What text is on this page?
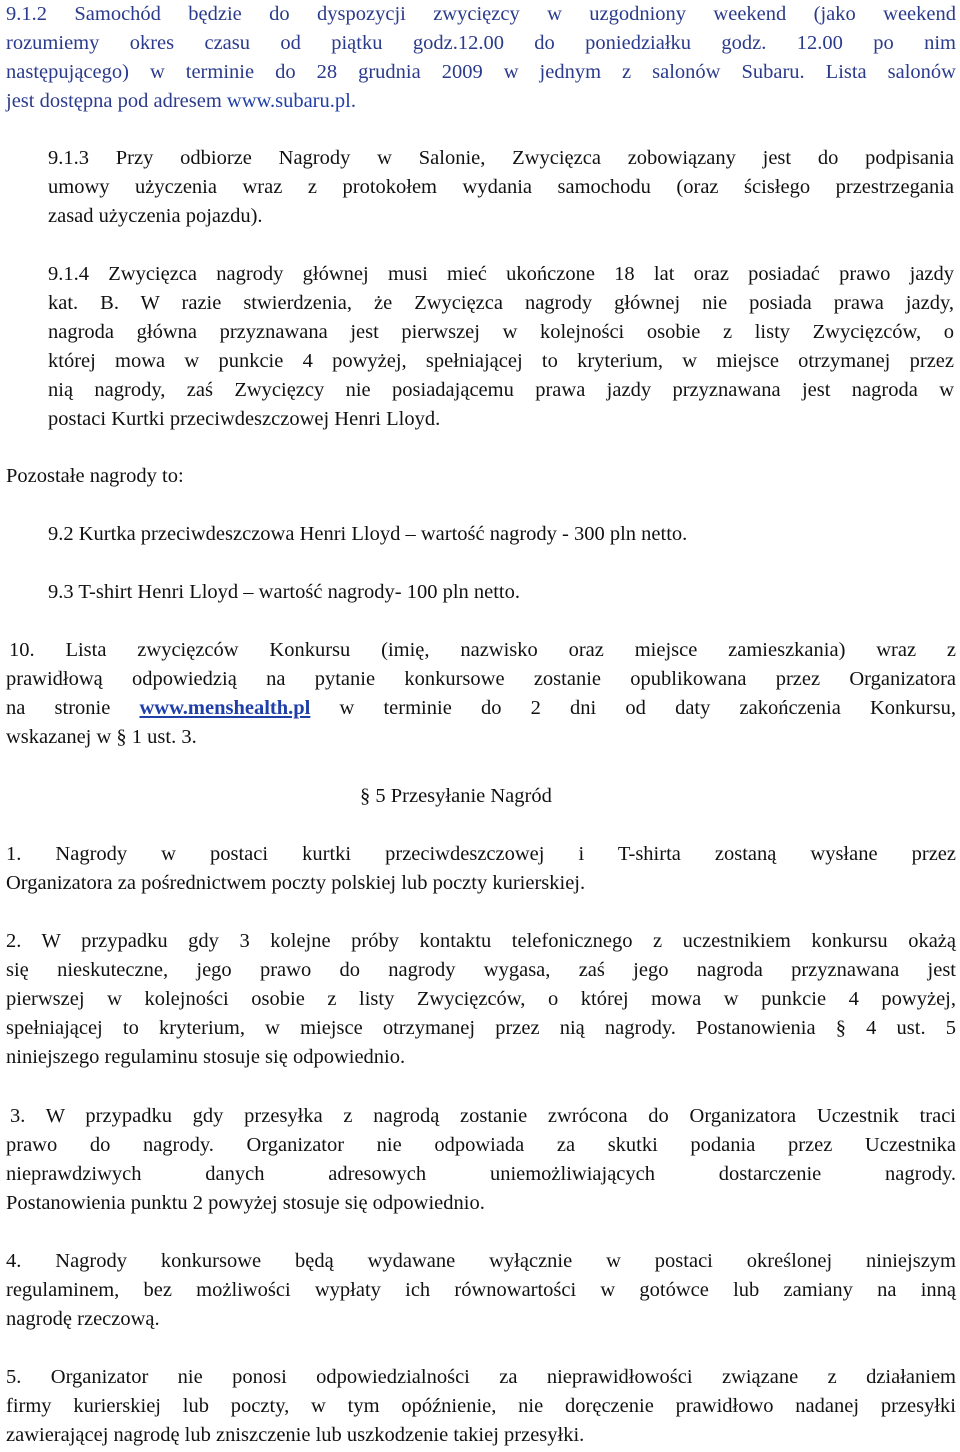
9.1.2 Samochód będzie do dyspozycji zwycięzcy w uzgodniony weekend (jako weekend
rozumiemy okres czasu od piątku godz.12.00 do poniedziałku godz. 12.00 po nim
następującego) w terminie do 28 grudnia 2009 w jednym z salonów Subaru. Lista salonów
jest dostępna pod adresem www.subaru.pl.
9.1.3 Przy odbiorze Nagrody w Salonie, Zwycięzca zobowiązany jest do podpisania
umowy użyczenia wraz z protokołem wydania samochodu (oraz ścisłego przestrzegania
zasad użyczenia pojazdu).
9.1.4 Zwycięzca nagrody głównej musi mieć ukończone 18 lat oraz posiadać prawo jazdy
kat. B. W razie stwierdzenia, że Zwycięzca nagrody głównej nie posiada prawa jazdy,
nagroda główna przyznawana jest pierwszej w kolejności osobie z listy Zwycięzców, o
której mowa w punkcie 4 powyżej, spełniającej to kryterium, w miejsce otrzymanej przez
nią nagrody, zaś Zwycięzcy nie posiadającemu prawa jazdy przyznawana jest nagroda w
postaci Kurtki przeciwdeszczowej Henri Lloyd.
Pozostałe nagrody to:
9.2 Kurtka przeciwdeszczowa Henri Lloyd – wartość nagrody - 300 pln netto.
9.3 T-shirt Henri Lloyd – wartość nagrody- 100 pln netto.
10. Lista zwycięzców Konkursu (imię, nazwisko oraz miejsce zamieszkania) wraz z
prawidłową odpowiedzią na pytanie konkursowe zostanie opublikowana przez Organizatora
na stronie www.menshealth.pl w terminie do 2 dni od daty zakończenia Konkursu,
wskazanej w § 1 ust. 3.
§ 5 Przesyłanie Nagród
1. Nagrody w postaci kurtki przeciwdeszczowej i T-shirta zostaną wysłane przez
Organizatora za pośrednictwem poczty polskiej lub poczty kurierskiej.
2. W przypadku gdy 3 kolejne próby kontaktu telefonicznego z uczestnikiem konkursu okażą
się nieskuteczne, jego prawo do nagrody wygasa, zaś jego nagroda przyznawana jest
pierwszej w kolejności osobie z listy Zwycięzców, o której mowa w punkcie 4 powyżej,
spełniającej to kryterium, w miejsce otrzymanej przez nią nagrody. Postanowienia § 4 ust. 5
niniejszego regulaminu stosuje się odpowiednio.
3. W przypadku gdy przesyłka z nagrodą zostanie zwrócona do Organizatora Uczestnik traci
prawo do nagrody. Organizator nie odpowiada za skutki podania przez Uczestnika
nieprawdziwych danych adresowych uniemożliwiających dostarczenie nagrody.
Postanowienia punktu 2 powyżej stosuje się odpowiednio.
4. Nagrody konkursowe będą wydawane wyłącznie w postaci określonej niniejszym
regulaminem, bez możliwości wypłaty ich równowartości w gotówce lub zamiany na inną
nagrodę rzeczową.
5. Organizator nie ponosi odpowiedzialności za nieprawidłowości związane z działaniem
firmy kurierskiej lub poczty, w tym opóźnienie, nie doręczenie prawidłowo nadanej przesyłki
zawierającej nagrodę lub zniszczenie lub uszkodzenie takiej przesyłki.
